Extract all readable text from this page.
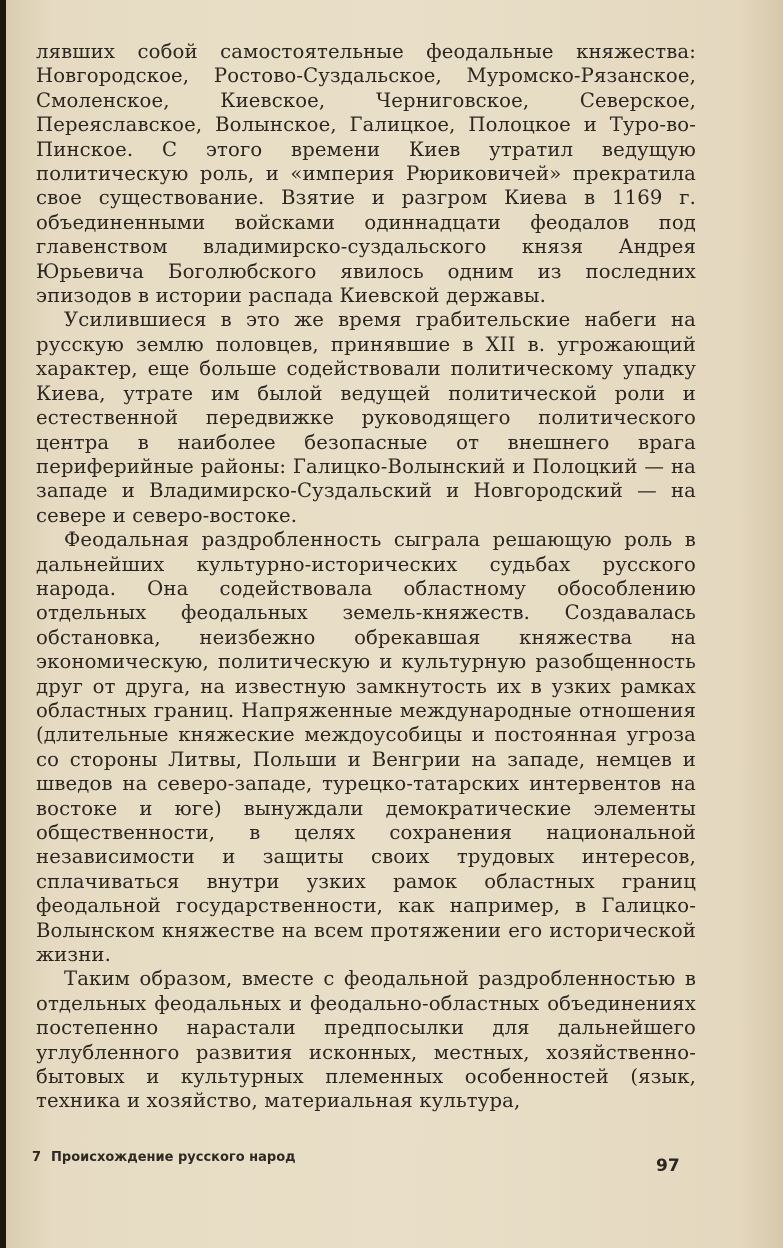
лявших собой самостоятельные феодальные княжества: Новгородское, Ростово-Суздальское, Муромско-Рязанское, Смоленское, Киевское, Черниговское, Северское, Переяславское, Волынское, Галицкое, Полоцкое и Туро-во-Пинское. С этого времени Киев утратил ведущую политическую роль, и «империя Рюриковичей» прекратила свое существование. Взятие и разгром Киева в 1169 г. объединенными войсками одиннадцати феодалов под главенством владимирско-суздальского князя Андрея Юрьевича Боголюбского явилось одним из последних эпизодов в истории распада Киевской державы.

Усилившиеся в это же время грабительские набеги на русскую землю половцев, принявшие в XII в. угрожающий характер, еще больше содействовали политическому упадку Киева, утрате им былой ведущей политической роли и естественной передвижке руководящего политического центра в наиболее безопасные от внешнего врага периферийные районы: Галицко-Волынский и Полоцкий — на западе и Владимирско-Суздальский и Новгородский — на севере и северо-востоке.

Феодальная раздробленность сыграла решающую роль в дальнейших культурно-исторических судьбах русского народа. Она содействовала областному обособлению отдельных феодальных земель-княжеств. Создавалась обстановка, неизбежно обрекавшая княжества на экономическую, политическую и культурную разобщенность друг от друга, на известную замкнутость их в узких рамках областных границ. Напряженные международные отношения (длительные княжеские междоусобицы и постоянная угроза со стороны Литвы, Польши и Венгрии на западе, немцев и шведов на северо-западе, турецко-татарских интервентов на востоке и юге) вынуждали демократические элементы общественности, в целях сохранения национальной независимости и защиты своих трудовых интересов, сплачиваться внутри узких рамок областных границ феодальной государственности, как например, в Галицко-Волынском княжестве на всем протяжении его исторической жизни.

Таким образом, вместе с феодальной раздробленностью в отдельных феодальных и феодально-областных объединениях постепенно нарастали предпосылки для дальнейшего углубленного развития исконных, местных, хозяйственно-бытовых и культурных племенных особенностей (язык, техника и хозяйство, материальная культура,

7 Происхождение русского народ	97
